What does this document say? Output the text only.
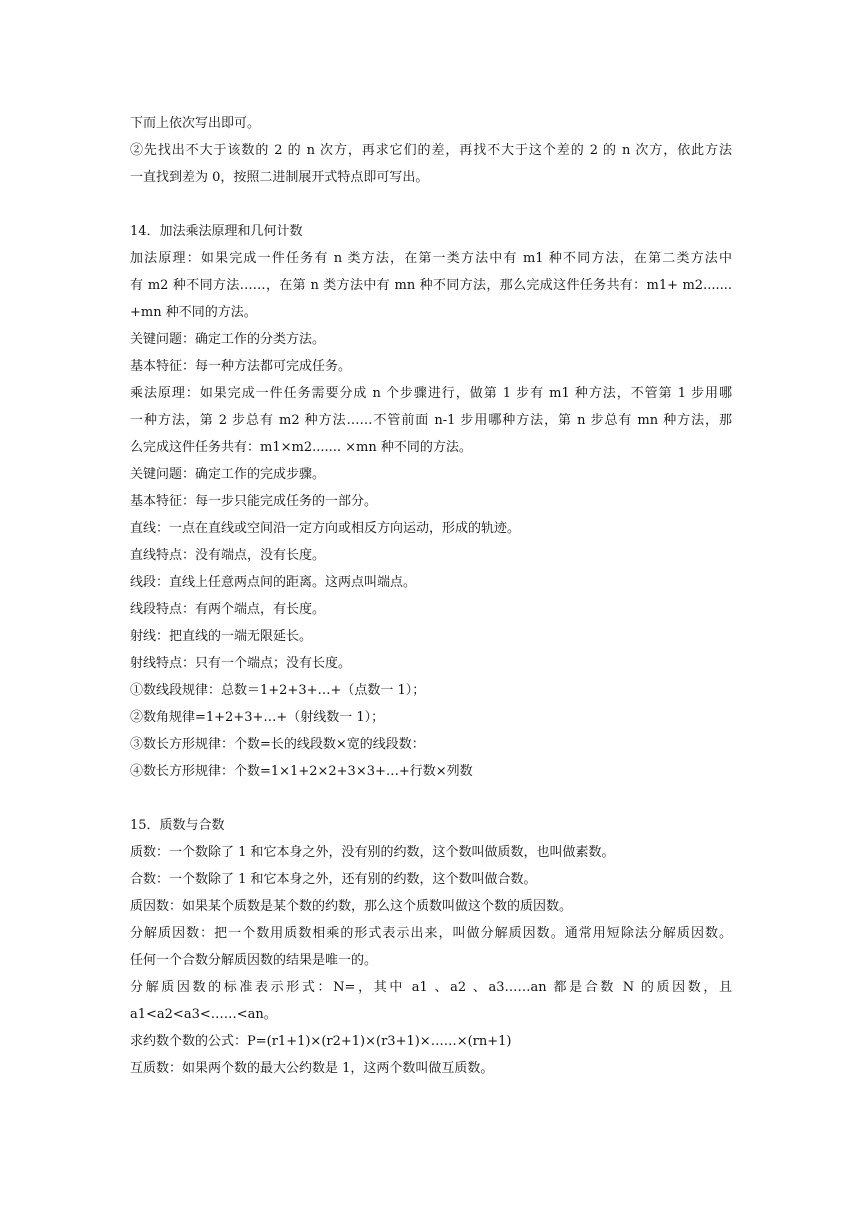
下而上依次写出即可。
②先找出不大于该数的 2 的 n 次方，再求它们的差，再找不大于这个差的 2 的 n 次方，依此方法
一直找到差为 0，按照二进制展开式特点即可写出。
14．加法乘法原理和几何计数
加法原理：如果完成一件任务有 n 类方法，在第一类方法中有 m1 种不同方法，在第二类方法中
有 m2 种不同方法……，在第 n 类方法中有 mn 种不同方法，那么完成这件任务共有：m1+ m2.......
+mn 种不同的方法。
关键问题：确定工作的分类方法。
基本特征：每一种方法都可完成任务。
乘法原理：如果完成一件任务需要分成 n 个步骤进行，做第 1 步有 m1 种方法，不管第 1 步用哪
一种方法，第 2 步总有 m2 种方法……不管前面 n-1 步用哪种方法，第 n 步总有 mn 种方法，那
么完成这件任务共有：m1×m2....... ×mn 种不同的方法。
关键问题：确定工作的完成步骤。
基本特征：每一步只能完成任务的一部分。
直线：一点在直线或空间沿一定方向或相反方向运动，形成的轨迹。
直线特点：没有端点，没有长度。
线段：直线上任意两点间的距离。这两点叫端点。
线段特点：有两个端点，有长度。
射线：把直线的一端无限延长。
射线特点：只有一个端点；没有长度。
①数线段规律：总数＝1+2+3+…+（点数一 1）；
②数角规律=1+2+3+…+（射线数一 1）；
③数长方形规律：个数=长的线段数×宽的线段数：
④数长方形规律：个数=1×1+2×2+3×3+…+行数×列数
15．质数与合数
质数：一个数除了 1 和它本身之外，没有别的约数，这个数叫做质数，也叫做素数。
合数：一个数除了 1 和它本身之外，还有别的约数，这个数叫做合数。
质因数：如果某个质数是某个数的约数，那么这个质数叫做这个数的质因数。
分解质因数：把一个数用质数相乘的形式表示出来，叫做分解质因数。通常用短除法分解质因数。
任何一个合数分解质因数的结果是唯一的。
分解质因数的标准表示形式：N=，其中 a1 、a2 、a3……an 都是合数 N 的质因数，且
a1<a2<a3<……<an。
求约数个数的公式：P=(r1+1)×(r2+1)×(r3+1)×……×(rn+1)
互质数：如果两个数的最大公约数是 1，这两个数叫做互质数。
